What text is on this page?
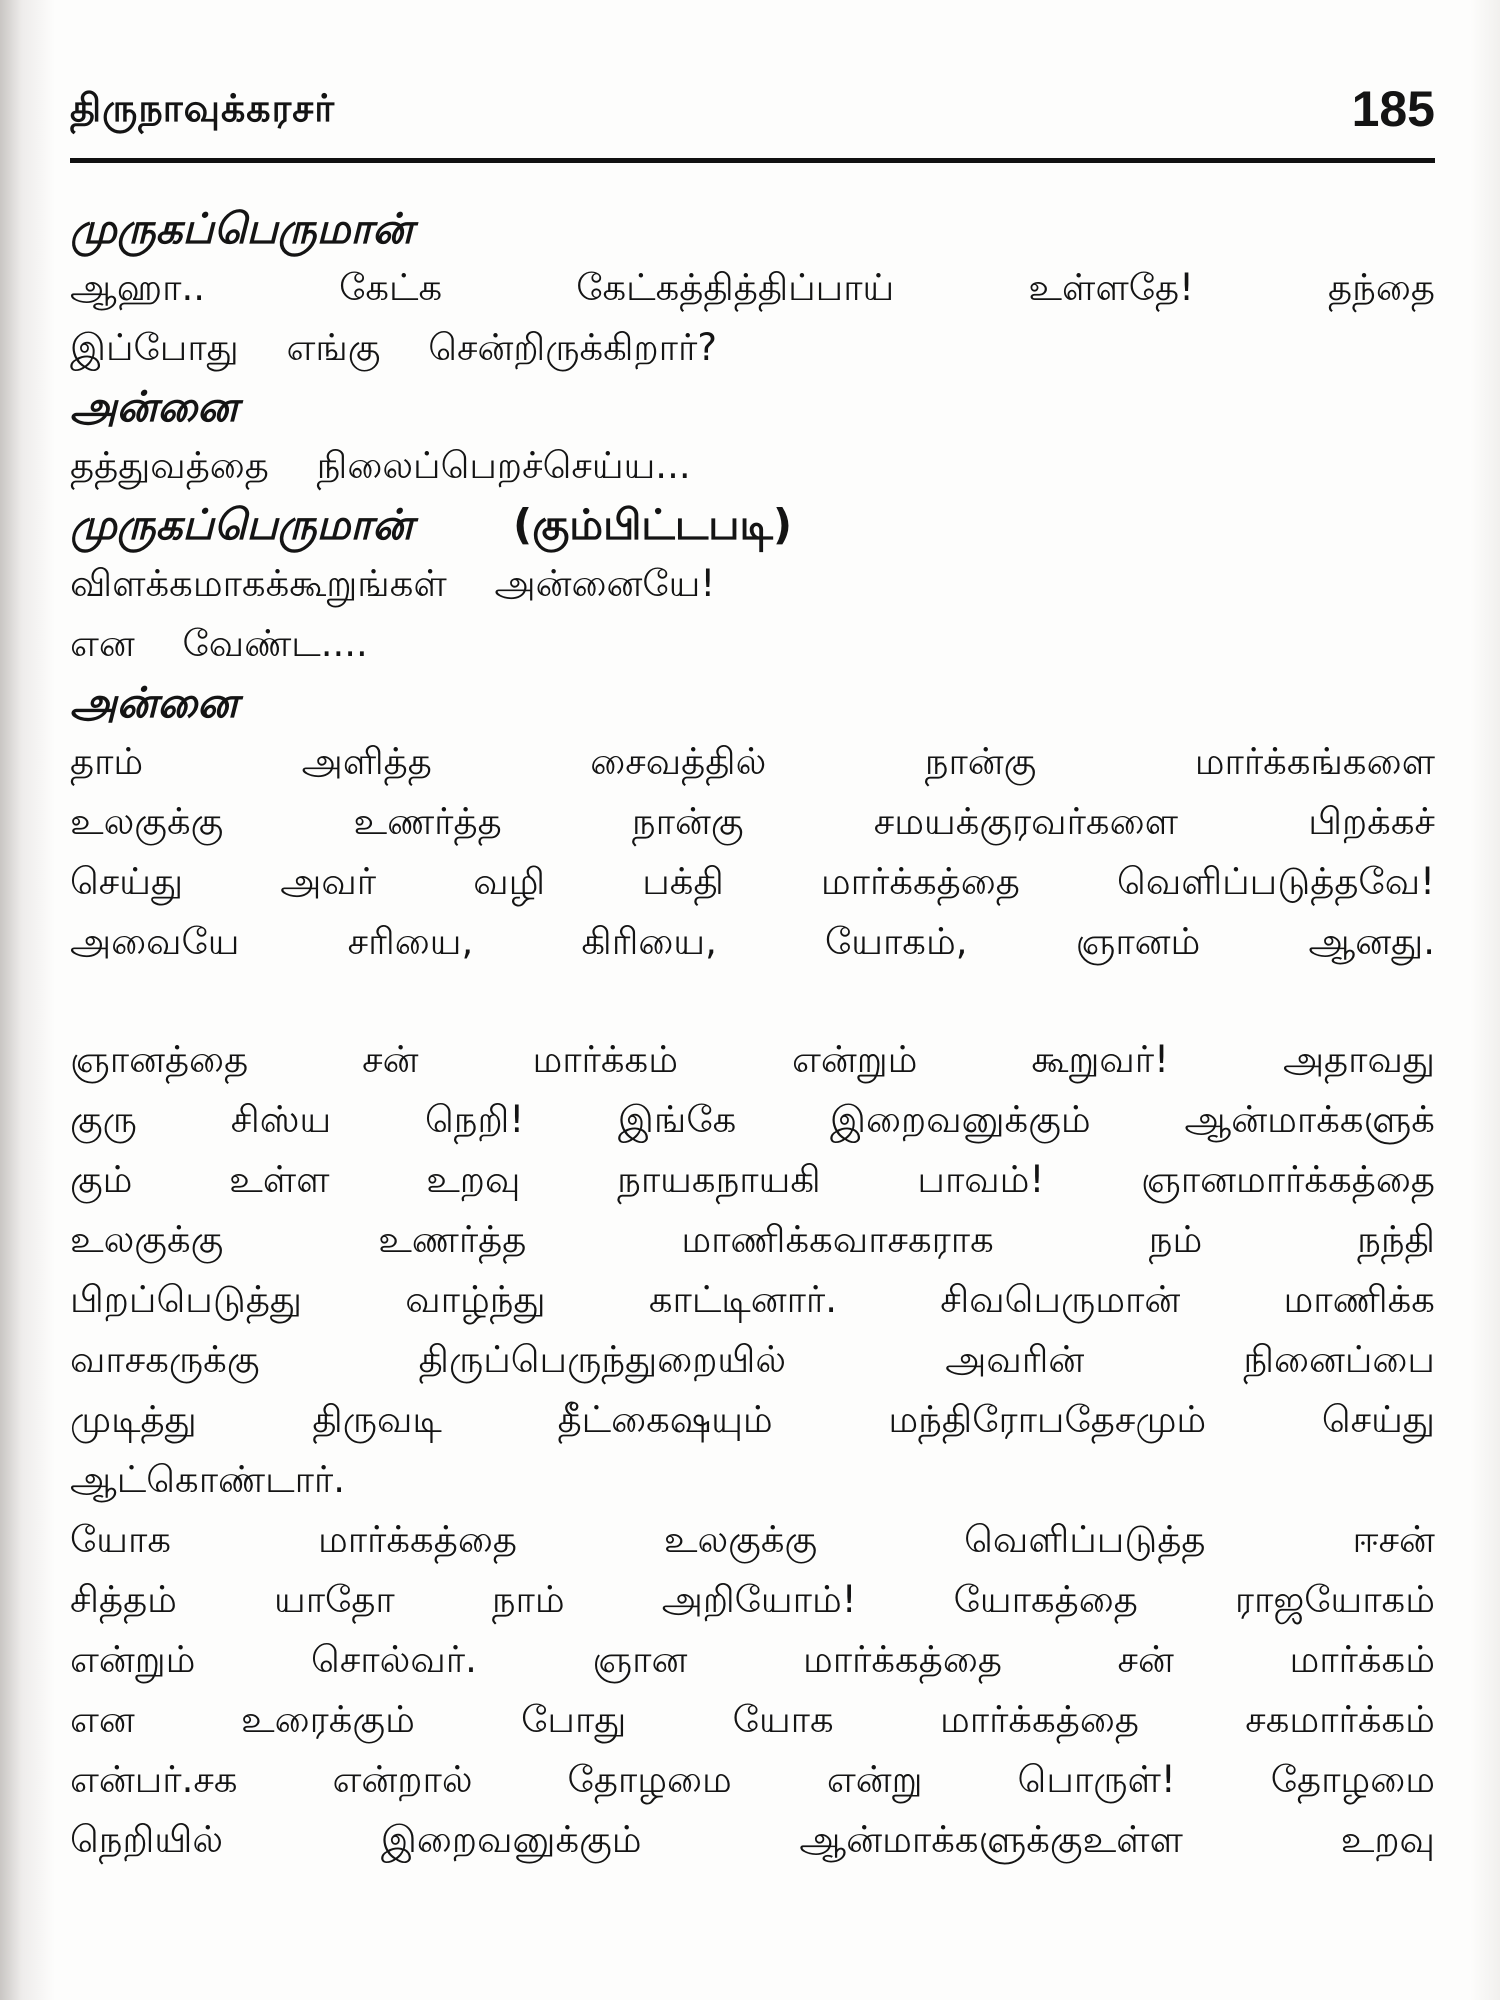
திருநாவுக்கரசர்	185
முருகப்பெருமான்
ஆஹா..	கேட்க	கேட்கத்தித்திப்பாய்	உள்ளதே!	தந்தை
இப்போது எங்கு சென்றிருக்கிறார்?
அன்னை
தத்துவத்தை நிலைப்பெறச்செய்ய...
முருகப்பெருமான் (கும்பிட்டபடி)
விளக்கமாகக்கூறுங்கள் அன்னையே!
என வேண்ட....
அன்னை
தாம்	அளித்த	சைவத்தில்	நான்கு	மார்க்கங்களை
உலகுக்கு	உணர்த்த	நான்கு	சமயக்குரவர்களை	பிறக்கச்
செய்து	அவர்	வழி	பக்தி	மார்க்கத்தை	வெளிப்படுத்தவே!
அவையே	சரியை,	கிரியை,	யோகம்,	ஞானம்	ஆனது.
ஞானத்தை	சன்	மார்க்கம்	என்றும்	கூறுவர்!	அதாவது
குரு	சிஸ்ய	நெறி!	இங்கே	இறைவனுக்கும்	ஆன்மாக்களுக்
கும்	உள்ள	உறவு	நாயகநாயகி	பாவம்!	ஞானமார்க்கத்தை
உலகுக்கு	உணர்த்த	மாணிக்கவாசகராக	நம்	நந்தி
பிறப்பெடுத்து	வாழ்ந்து	காட்டினார்.	சிவபெருமான்	மாணிக்க
வாசகருக்கு	திருப்பெருந்துறையில்	அவரின்	நினைப்பை
முடித்து	திருவடி	தீட்கைஷயும்	மந்திரோபதேசமும்	செய்து
ஆட்கொண்டார்.
யோக	மார்க்கத்தை	உலகுக்கு	வெளிப்படுத்த	ஈசன்
சித்தம்	யாதோ	நாம்	அறியோம்!	யோகத்தை	ராஜயோகம்
என்றும்	சொல்வர்.	ஞான	மார்க்கத்தை	சன்	மார்க்கம்
என	உரைக்கும்	போது	யோக	மார்க்கத்தை	சகமார்க்கம்
என்பர்.சக	என்றால்	தோழமை	என்று	பொருள்!	தோழமை
நெறியில்	இறைவனுக்கும்	ஆன்மாக்களுக்குஉள்ள	உறவு
